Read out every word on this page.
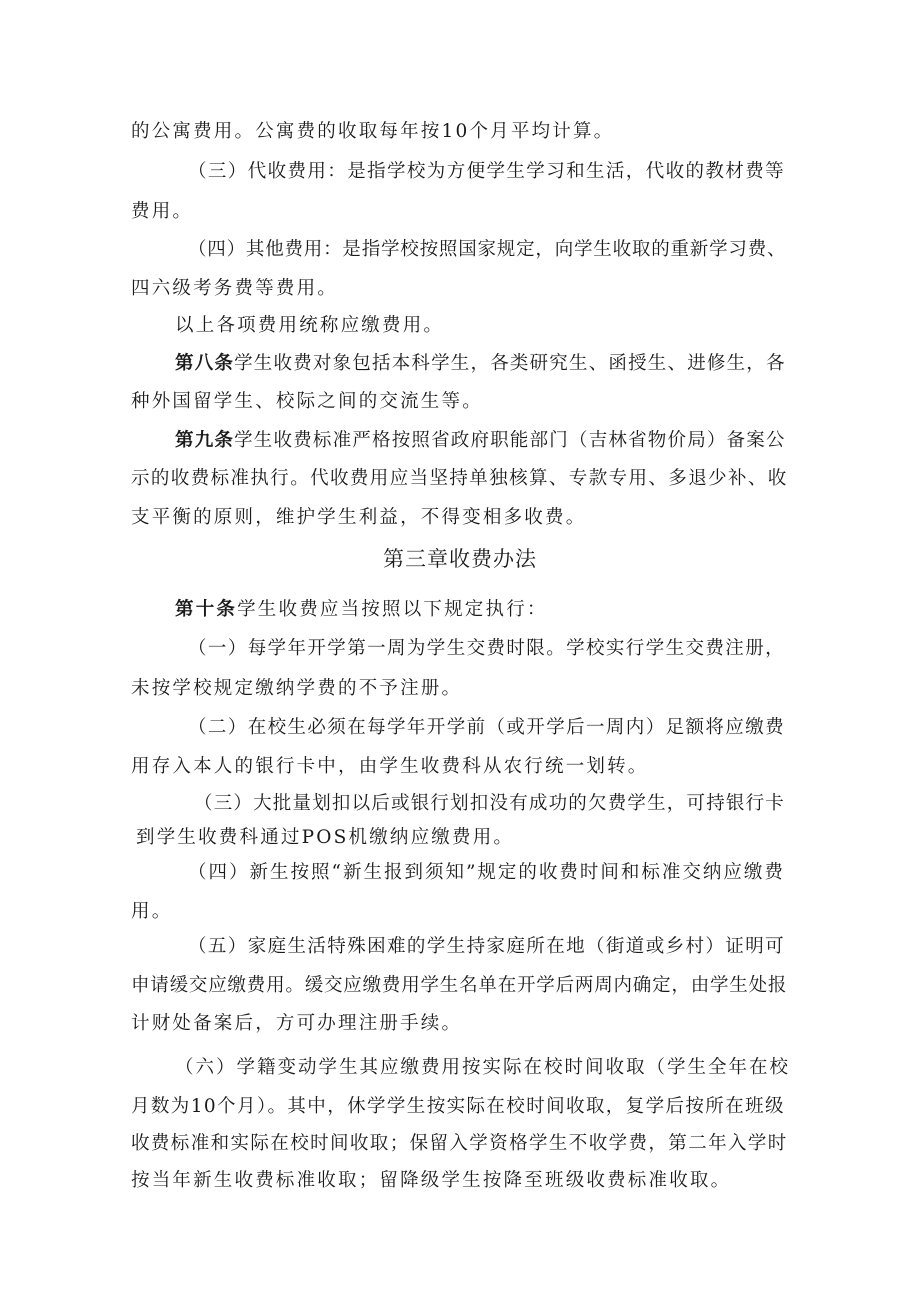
的公寓费用。公寓费的收取每年按10个月平均计算。
（三）代收费用：是指学校为方便学生学习和生活，代收的教材费等
费用。
（四）其他费用：是指学校按照国家规定，向学生收取的重新学习费、
四六级考务费等费用。
以上各项费用统称应缴费用。
第八条学生收费对象包括本科学生，各类研究生、函授生、进修生，各
种外国留学生、校际之间的交流生等。
第九条学生收费标准严格按照省政府职能部门（吉林省物价局）备案公
示的收费标准执行。代收费用应当坚持单独核算、专款专用、多退少补、收
支平衡的原则，维护学生利益，不得变相多收费。
第三章收费办法
第十条学生收费应当按照以下规定执行：
（一）每学年开学第一周为学生交费时限。学校实行学生交费注册，
未按学校规定缴纳学费的不予注册。
（二）在校生必须在每学年开学前（或开学后一周内）足额将应缴费
用存入本人的银行卡中，由学生收费科从农行统一划转。
（三）大批量划扣以后或银行划扣没有成功的欠费学生，可持银行卡
到学生收费科通过POS机缴纳应缴费用。
（四）新生按照“新生报到须知”规定的收费时间和标准交纳应缴费
用。
（五）家庭生活特殊困难的学生持家庭所在地（街道或乡村）证明可
申请缓交应缴费用。缓交应缴费用学生名单在开学后两周内确定，由学生处报
计财处备案后，方可办理注册手续。
（六）学籍变动学生其应缴费用按实际在校时间收取（学生全年在校
月数为10个月）。其中，休学学生按实际在校时间收取，复学后按所在班级
收费标准和实际在校时间收取；保留入学资格学生不收学费，第二年入学时
按当年新生收费标准收取；留降级学生按降至班级收费标准收取。
